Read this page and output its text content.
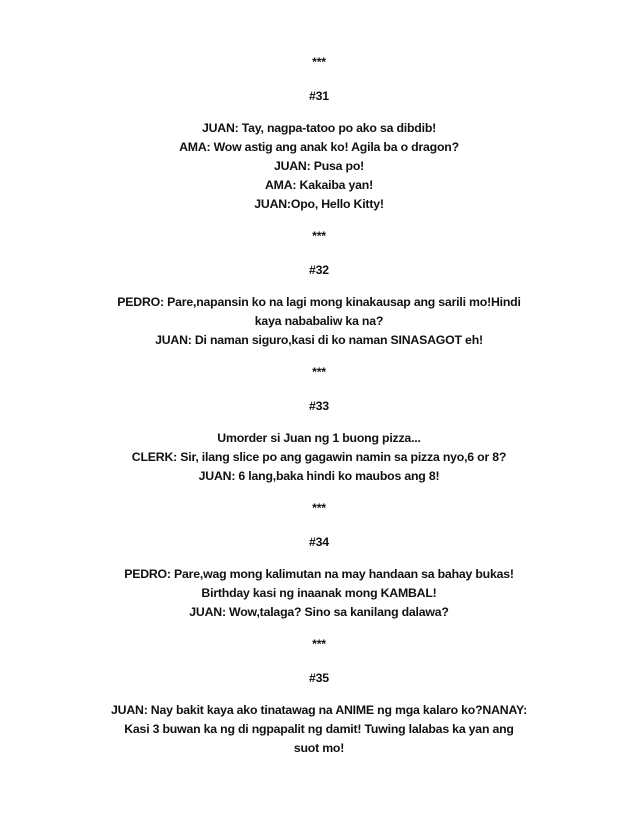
***
#31
JUAN: Tay, nagpa-tatoo po ako sa dibdib!
AMA: Wow astig ang anak ko! Agila ba o dragon?
JUAN: Pusa po!
AMA: Kakaiba yan!
JUAN:Opo, Hello Kitty!
***
#32
PEDRO: Pare,napansin ko na lagi mong kinakausap ang sarili mo!Hindi
kaya nababaliw ka na?
JUAN: Di naman siguro,kasi di ko naman SINASAGOT eh!
***
#33
Umorder si Juan ng 1 buong pizza...
CLERK: Sir, ilang slice po ang gagawin namin sa pizza nyo,6 or 8?
JUAN: 6 lang,baka hindi ko maubos ang 8!
***
#34
PEDRO: Pare,wag mong kalimutan na may handaan sa bahay bukas!
Birthday kasi ng inaanak mong KAMBAL!
JUAN: Wow,talaga? Sino sa kanilang dalawa?
***
#35
JUAN: Nay bakit kaya ako tinatawag na ANIME ng mga kalaro ko?NANAY:
Kasi 3 buwan ka ng di ngpapalit ng damit! Tuwing lalabas ka yan ang
suot mo!
